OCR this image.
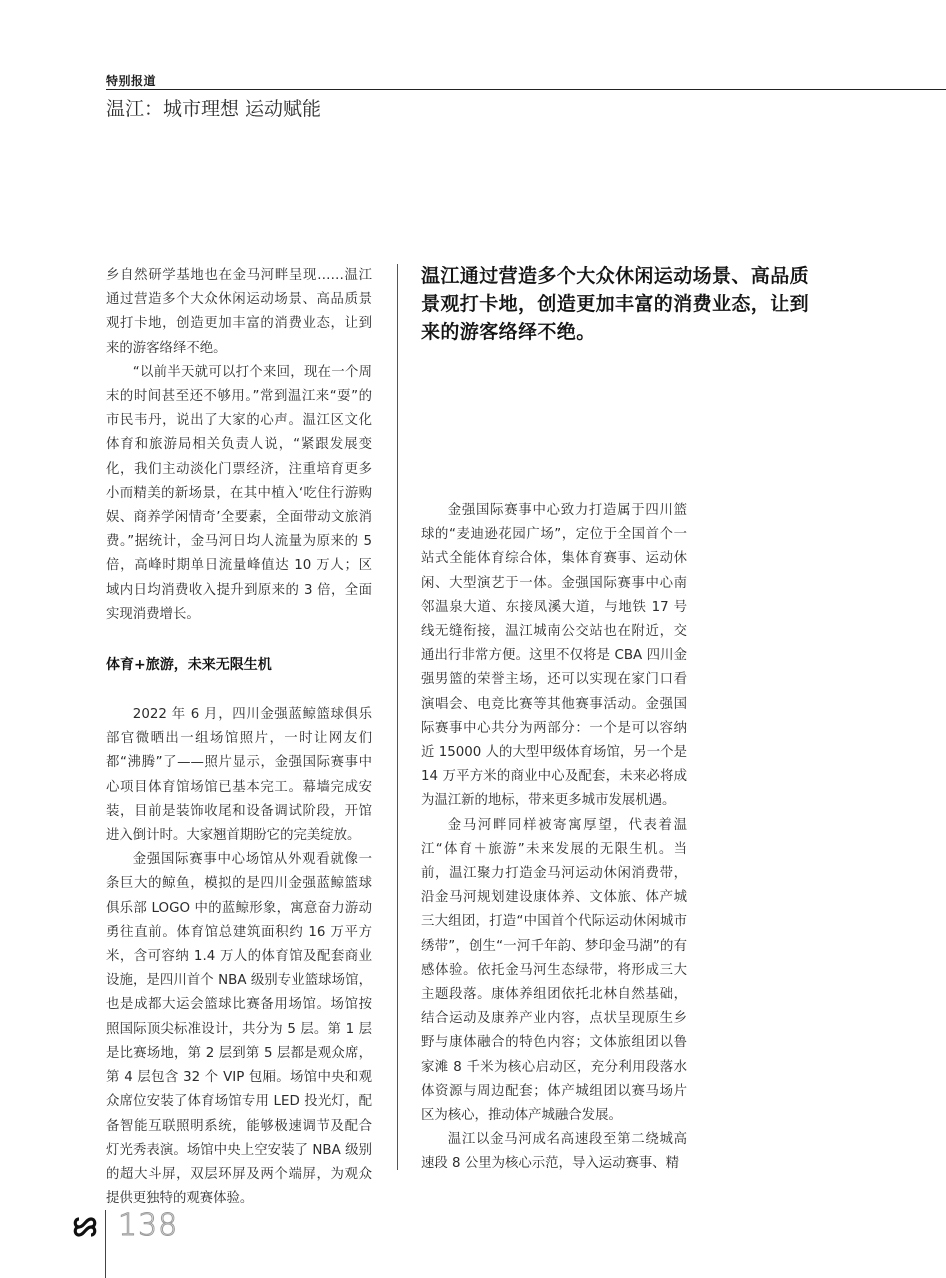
特别报道
温江：城市理想 运动赋能

乡自然研学基地也在金马河畔呈现……温江通过营造多个大众休闲运动场景、高品质景观打卡地，创造更加丰富的消费业态，让到来的游客络绎不绝。

“以前半天就可以打个来回，现在一个周末的时间甚至还不够用。”常到温江来“耍”的市民韦丹，说出了大家的心声。温江区文化体育和旅游局相关负责人说，“紧跟发展变化，我们主动淡化门票经济，注重培育更多小而精美的新场景，在其中植入‘吃住行游购娱、商养学闲情奇’全要素，全面带动文旅消费。”据统计，金马河日均人流量为原来的 5 倍，高峰时期单日流量峰值达 10 万人；区域内日均消费收入提升到原来的 3 倍，全面实现消费增长。

体育+旅游，未来无限生机

2022 年 6 月，四川金强蓝鲸篮球俱乐部官微晒出一组场馆照片，一时让网友们都“沸腾”了——照片显示，金强国际赛事中心项目体育馆场馆已基本完工。幕墙完成安装，目前是装饰收尾和设备调试阶段，开馆进入倒计时。大家翘首期盼它的完美绽放。

金强国际赛事中心场馆从外观看就像一条巨大的鲸鱼，模拟的是四川金强蓝鲸篮球俱乐部 LOGO 中的蓝鲸形象，寓意奋力游动勇往直前。体育馆总建筑面积约 16 万平方米，含可容纳 1.4 万人的体育馆及配套商业设施，是四川首个 NBA 级别专业篮球场馆，也是成都大运会篮球比赛备用场馆。场馆按照国际顶尖标准设计，共分为 5 层。第 1 层是比赛场地，第 2 层到第 5 层都是观众席，第 4 层包含 32 个 VIP 包厢。场馆中央和观众席位安装了体育场馆专用 LED 投光灯，配备智能互联照明系统，能够极速调节及配合灯光秀表演。场馆中央上空安装了 NBA 级别的超大斗屏，双层环屏及两个端屏，为观众提供更独特的观赛体验。

温江通过营造多个大众休闲运动场景、高品质景观打卡地，创造更加丰富的消费业态，让到来的游客络绎不绝。

金强国际赛事中心致力打造属于四川篮球的“麦迪逊花园广场”，定位于全国首个一站式全能体育综合体，集体育赛事、运动休闲、大型演艺于一体。金强国际赛事中心南邻温泉大道、东接凤溪大道，与地铁 17 号线无缝衔接，温江城南公交站也在附近，交通出行非常方便。这里不仅将是 CBA 四川金强男篮的荣誉主场，还可以实现在家门口看演唱会、电竞比赛等其他赛事活动。金强国际赛事中心共分为两部分：一个是可以容纳近 15000 人的大型甲级体育场馆，另一个是 14 万平方米的商业中心及配套，未来必将成为温江新的地标，带来更多城市发展机遇。

金马河畔同样被寄寓厚望，代表着温江“体育＋旅游”未来发展的无限生机。当前，温江聚力打造金马河运动休闲消费带，沿金马河规划建设康体养、文体旅、体产城三大组团，打造“中国首个代际运动休闲城市绣带”，创生“一河千年韵、梦印金马湖”的有感体验。依托金马河生态绿带，将形成三大主题段落。康体养组团依托北林自然基础，结合运动及康养产业内容，点状呈现原生乡野与康体融合的特色内容；文体旅组团以鲁家滩 8 千米为核心启动区，充分利用段落水体资源与周边配套；体产城组团以赛马场片区为核心，推动体产城融合发展。

温江以金马河成名高速段至第二绕城高速段 8 公里为核心示范，导入运动赛事、精

138
